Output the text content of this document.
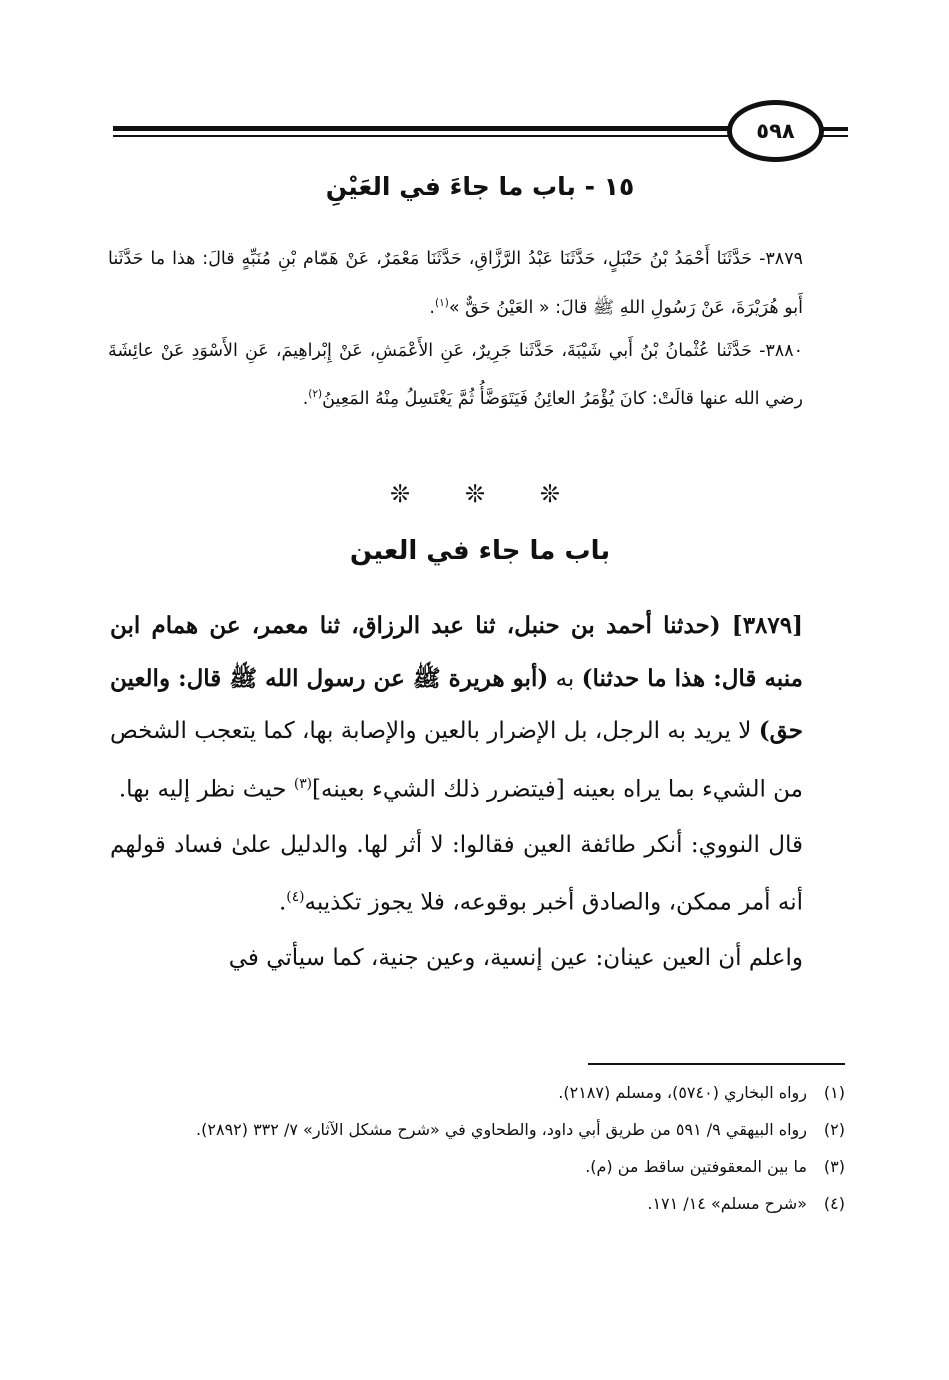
٥٩٨
١٥ - باب ما جاءَ في العَيْنِ

٣٨٧٩- حَدَّثَنَا أَحْمَدُ بْنُ حَنْبَلٍ، حَدَّثَنَا عَبْدُ الرَّزَّاقِ، حَدَّثَنَا مَعْمَرٌ، عَنْ هَمّام بْنِ مُنَبِّهٍ قالَ: هذا ما حَدَّثَنا أَبو هُرَيْرَةَ، عَنْ رَسُولِ اللهِ ﷺ قالَ: « العَيْنُ حَقٌّ »$^{(١)}$.

٣٨٨٠- حَدَّثَنا عُثْمانُ بْنُ أَبي شَيْبَةَ، حَدَّثَنا جَرِيرٌ، عَنِ الأَعْمَشِ، عَنْ إِبْراهِيمَ، عَنِ الأَسْوَدِ عَنْ عائِشَةَ رضي الله عنها قالَتْ: كانَ يُؤْمَرُ العائِنُ فَيَتَوَضَّأُ ثُمَّ يَغْتَسِلُ مِنْهُ المَعِينُ$^{(٢)}$.

❊ ❊ ❊
باب ما جاء في العين

[٣٨٧٩] (حدثنا أحمد بن حنبل، ثنا عبد الرزاق، ثنا معمر، عن همام ابن منبه قال: هذا ما حدثنا) به (أبو هريرة ﷺ عن رسول الله ﷺ قال: والعين حق) لا يريد به الرجل، بل الإضرار بالعين والإصابة بها، كما يتعجب الشخص من الشيء بما يراه بعينه [فيتضرر ذلك الشيء بعينه]$^{(٣)}$ حيث نظر إليه بها.

قال النووي: أنكر طائفة العين فقالوا: لا أثر لها. والدليل علىٰ فساد قولهم أنه أمر ممكن، والصادق أخبر بوقوعه، فلا يجوز تكذيبه$^{(٤)}$.

واعلم أن العين عينان: عين إنسية، وعين جنية، كما سيأتي في

(١)
رواه البخاري (٥٧٤٠)، ومسلم (٢١٨٧).
(٢)
رواه البيهقي ٩/ ٥٩١ من طريق أبي داود، والطحاوي في «شرح مشكل الآثار» ٧/ ٣٣٢ (٢٨٩٢).
(٣)
ما بين المعقوفتين ساقط من (م).
(٤)
«شرح مسلم» ١٤/ ١٧١.
